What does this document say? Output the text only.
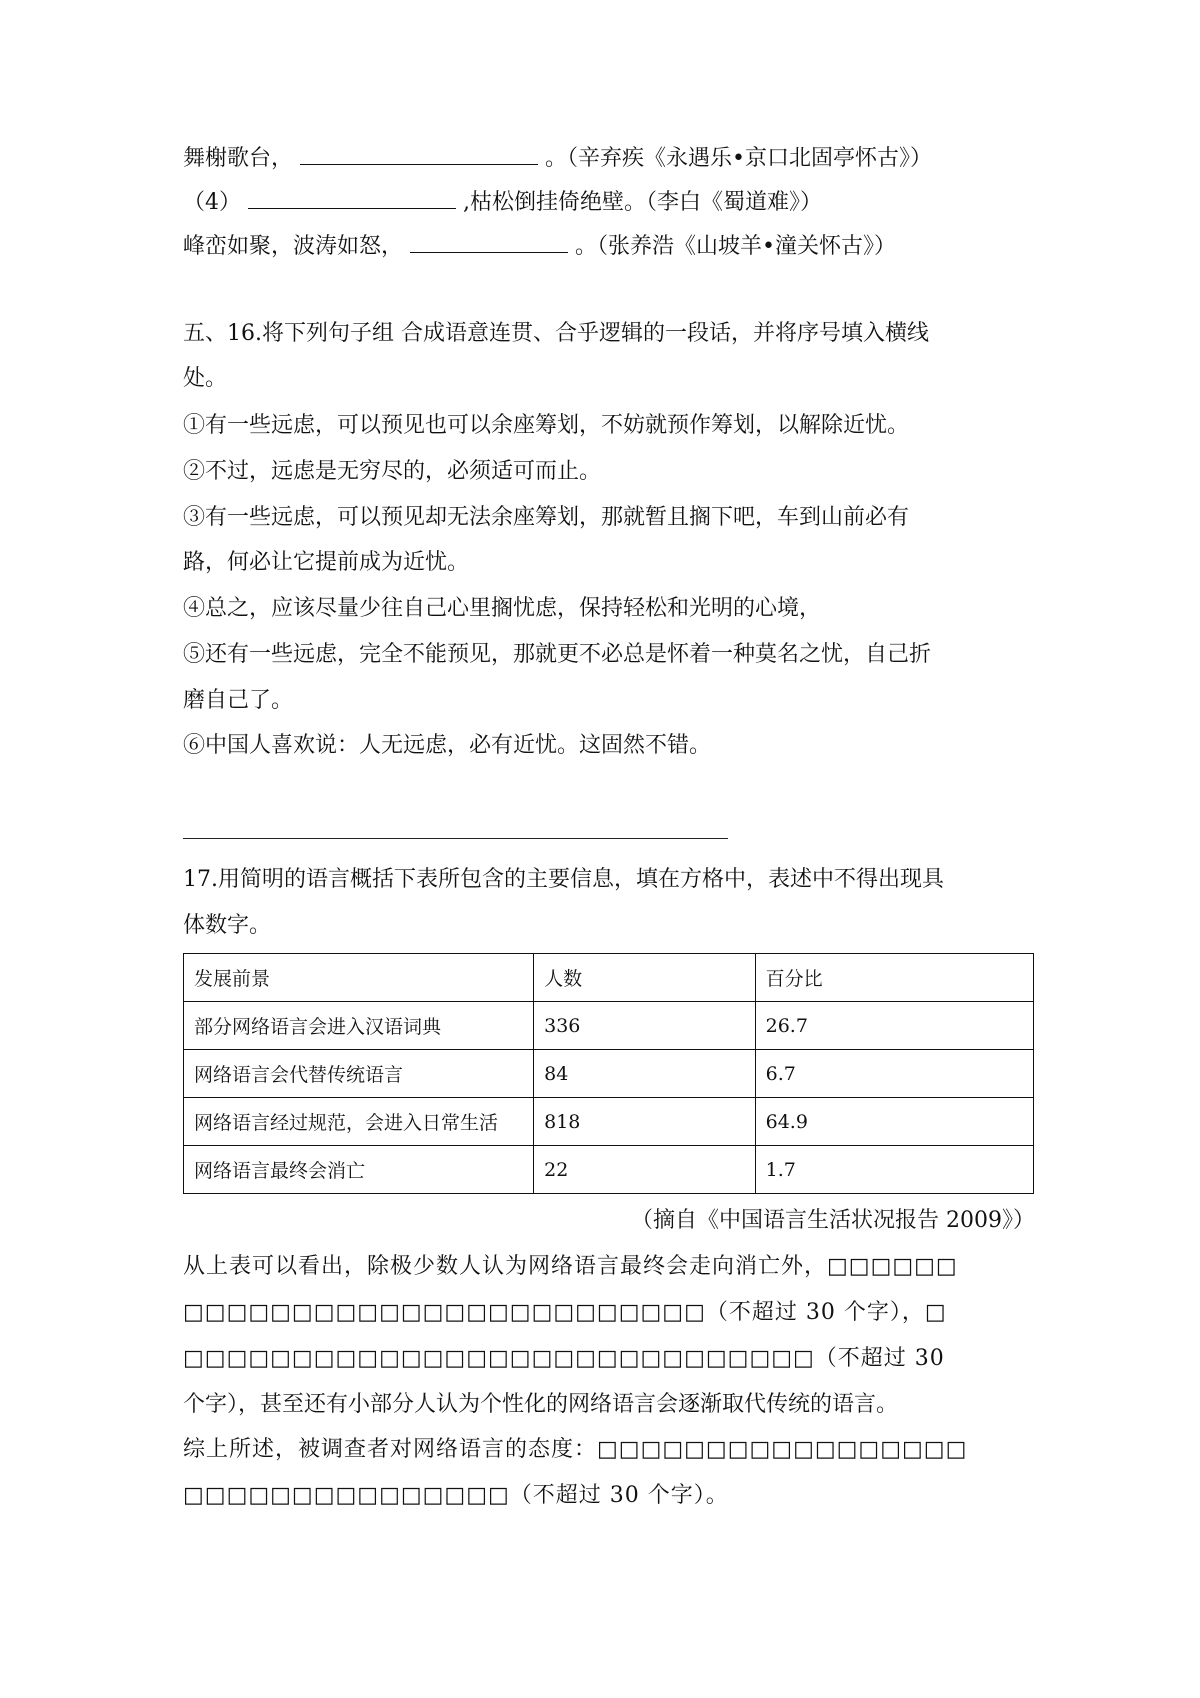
舞榭歌台，	。（辛弃疾《永遇乐•京口北固亭怀古》）
（4）	,枯松倒挂倚绝壁。（李白《蜀道难》）
峰峦如聚，波涛如怒，	。（张养浩《山坡羊•潼关怀古》）
五、16.将下列句子组 合成语意连贯、合乎逻辑的一段话，并将序号填入横线
处。
①有一些远虑，可以预见也可以余座筹划，不妨就预作筹划，以解除近忧。
②不过，远虑是无穷尽的，必须适可而止。
③有一些远虑，可以预见却无法余座筹划，那就暂且搁下吧，车到山前必有
路，何必让它提前成为近忧。
④总之，应该尽量少往自己心里搁忧虑，保持轻松和光明的心境，
⑤还有一些远虑，完全不能预见，那就更不必总是怀着一种莫名之忧，自己折
磨自己了。
⑥中国人喜欢说：人无远虑，必有近忧。这固然不错。
17.用简明的语言概括下表所包含的主要信息，填在方格中，表述中不得出现具
体数字。
发展前景	人数	百分比
部分网络语言会进入汉语词典	336	26.7
网络语言会代替传统语言	84	6.7
网络语言经过规范，会进入日常生活	818	64.9
网络语言最终会消亡	22	1.7
（摘自《中国语言生活状况报告 2009》）
从上表可以看出，除极少数人认为网络语言最终会走向消亡外，□□□□□□
□□□□□□□□□□□□□□□□□□□□□□□□（不超过 30 个字），□
□□□□□□□□□□□□□□□□□□□□□□□□□□□□□（不超过 30
个字），甚至还有小部分人认为个性化的网络语言会逐渐取代传统的语言。
综上所述，被调查者对网络语言的态度：□□□□□□□□□□□□□□□□□
□□□□□□□□□□□□□□□（不超过 30 个字）。
